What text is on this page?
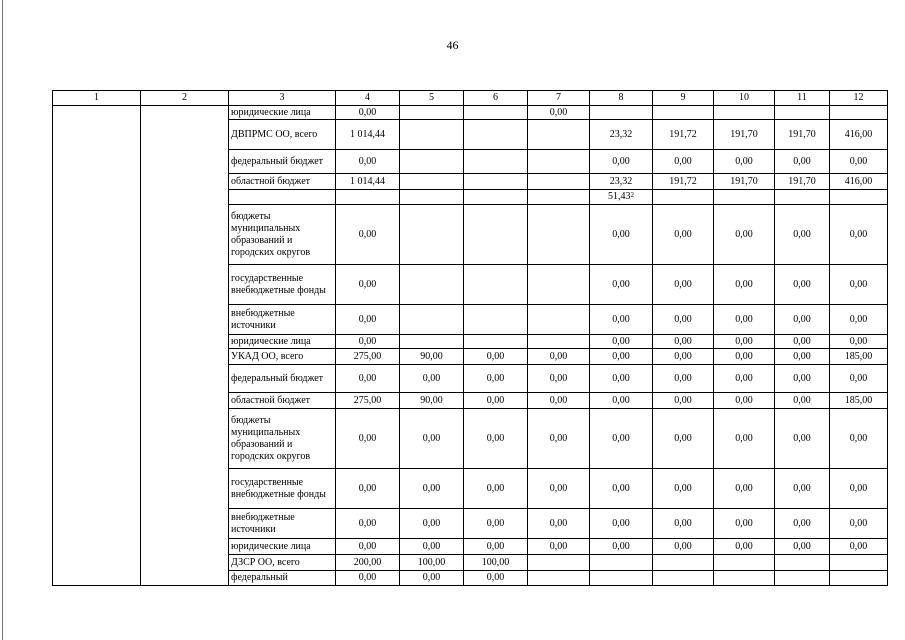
46
1	2	3	4	5	6	7	8	9	10	11	12
		юридические лица	0,00			0,00					
		ДВПРМС ОО, всего	1 014,44				23,32	191,72	191,70	191,70	416,00
		федеральный бюджет	0,00				0,00	0,00	0,00	0,00	0,00
		областной бюджет	1 014,44				23,32	191,72	191,70	191,70	416,00
							51,43$^2$				
		бюджеты муниципальных образований и городских округов	0,00				0,00	0,00	0,00	0,00	0,00
		государственные внебюджетные фонды	0,00				0,00	0,00	0,00	0,00	0,00
		внебюджетные источники	0,00				0,00	0,00	0,00	0,00	0,00
		юридические лица	0,00				0,00	0,00	0,00	0,00	0,00
		УКАД ОО, всего	275,00	90,00	0,00	0,00	0,00	0,00	0,00	0,00	185,00
		федеральный бюджет	0,00	0,00	0,00	0,00	0,00	0,00	0,00	0,00	0,00
		областной бюджет	275,00	90,00	0,00	0,00	0,00	0,00	0,00	0,00	185,00
		бюджеты муниципальных образований и городских округов	0,00	0,00	0,00	0,00	0,00	0,00	0,00	0,00	0,00
		государственные внебюджетные фонды	0,00	0,00	0,00	0,00	0,00	0,00	0,00	0,00	0,00
		внебюджетные источники	0,00	0,00	0,00	0,00	0,00	0,00	0,00	0,00	0,00
		юридические лица	0,00	0,00	0,00	0,00	0,00	0,00	0,00	0,00	0,00
		ДЗСР ОО, всего	200,00	100,00	100,00						
		федеральный	0,00	0,00	0,00						
